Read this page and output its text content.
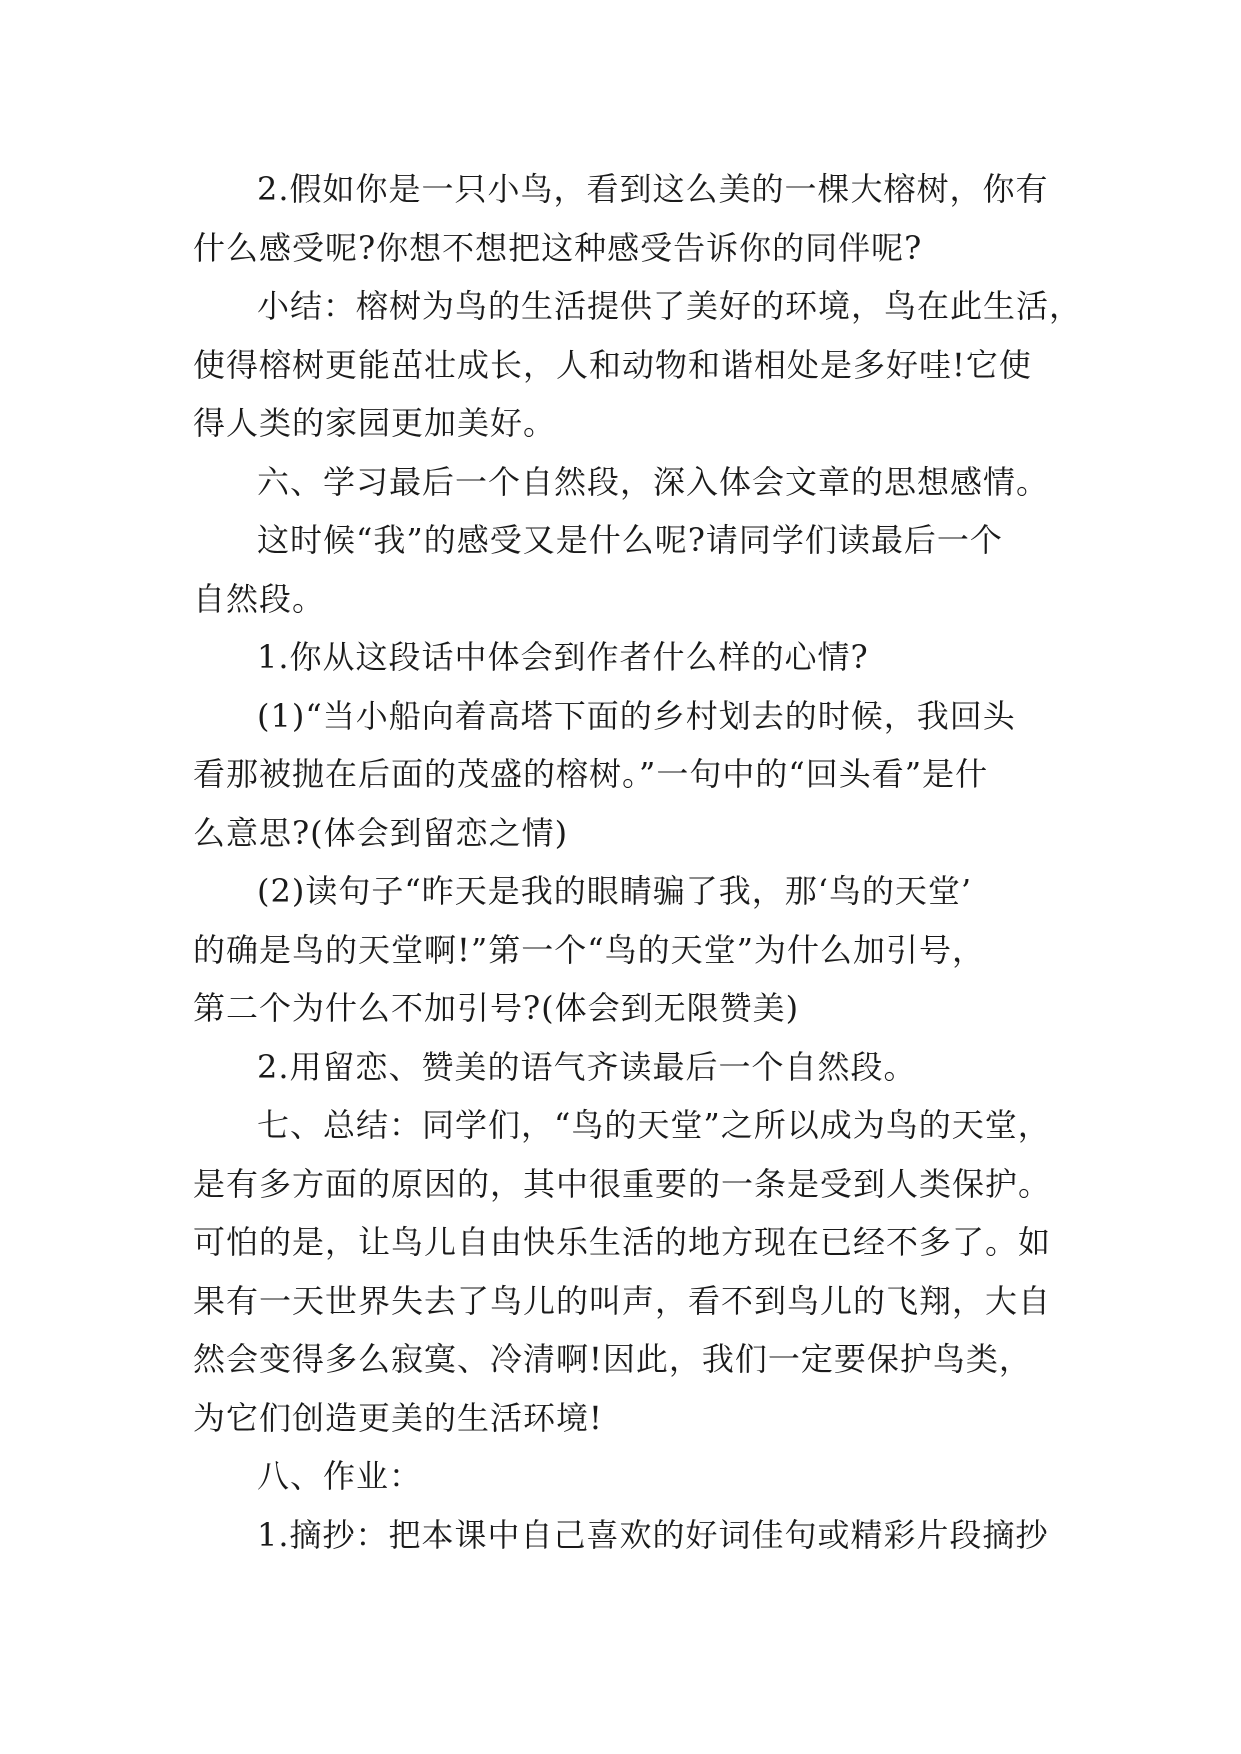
2.假如你是一只小鸟，看到这么美的一棵大榕树，你有
什么感受呢?你想不想把这种感受告诉你的同伴呢?
小结：榕树为鸟的生活提供了美好的环境，鸟在此生活，
使得榕树更能茁壮成长，人和动物和谐相处是多好哇!它使
得人类的家园更加美好。
六、学习最后一个自然段，深入体会文章的思想感情。
这时候“我”的感受又是什么呢?请同学们读最后一个
自然段。
1.你从这段话中体会到作者什么样的心情?
(1)“当小船向着高塔下面的乡村划去的时候，我回头
看那被抛在后面的茂盛的榕树。”一句中的“回头看”是什
么意思?(体会到留恋之情)
(2)读句子“昨天是我的眼睛骗了我，那‘鸟的天堂’
的确是鸟的天堂啊!”第一个“鸟的天堂”为什么加引号，
第二个为什么不加引号?(体会到无限赞美)
2.用留恋、赞美的语气齐读最后一个自然段。
七、总结：同学们，“鸟的天堂”之所以成为鸟的天堂，
是有多方面的原因的，其中很重要的一条是受到人类保护。
可怕的是，让鸟儿自由快乐生活的地方现在已经不多了。如
果有一天世界失去了鸟儿的叫声，看不到鸟儿的飞翔，大自
然会变得多么寂寞、冷清啊!因此，我们一定要保护鸟类，
为它们创造更美的生活环境!
八、作业：
1.摘抄：把本课中自己喜欢的好词佳句或精彩片段摘抄
